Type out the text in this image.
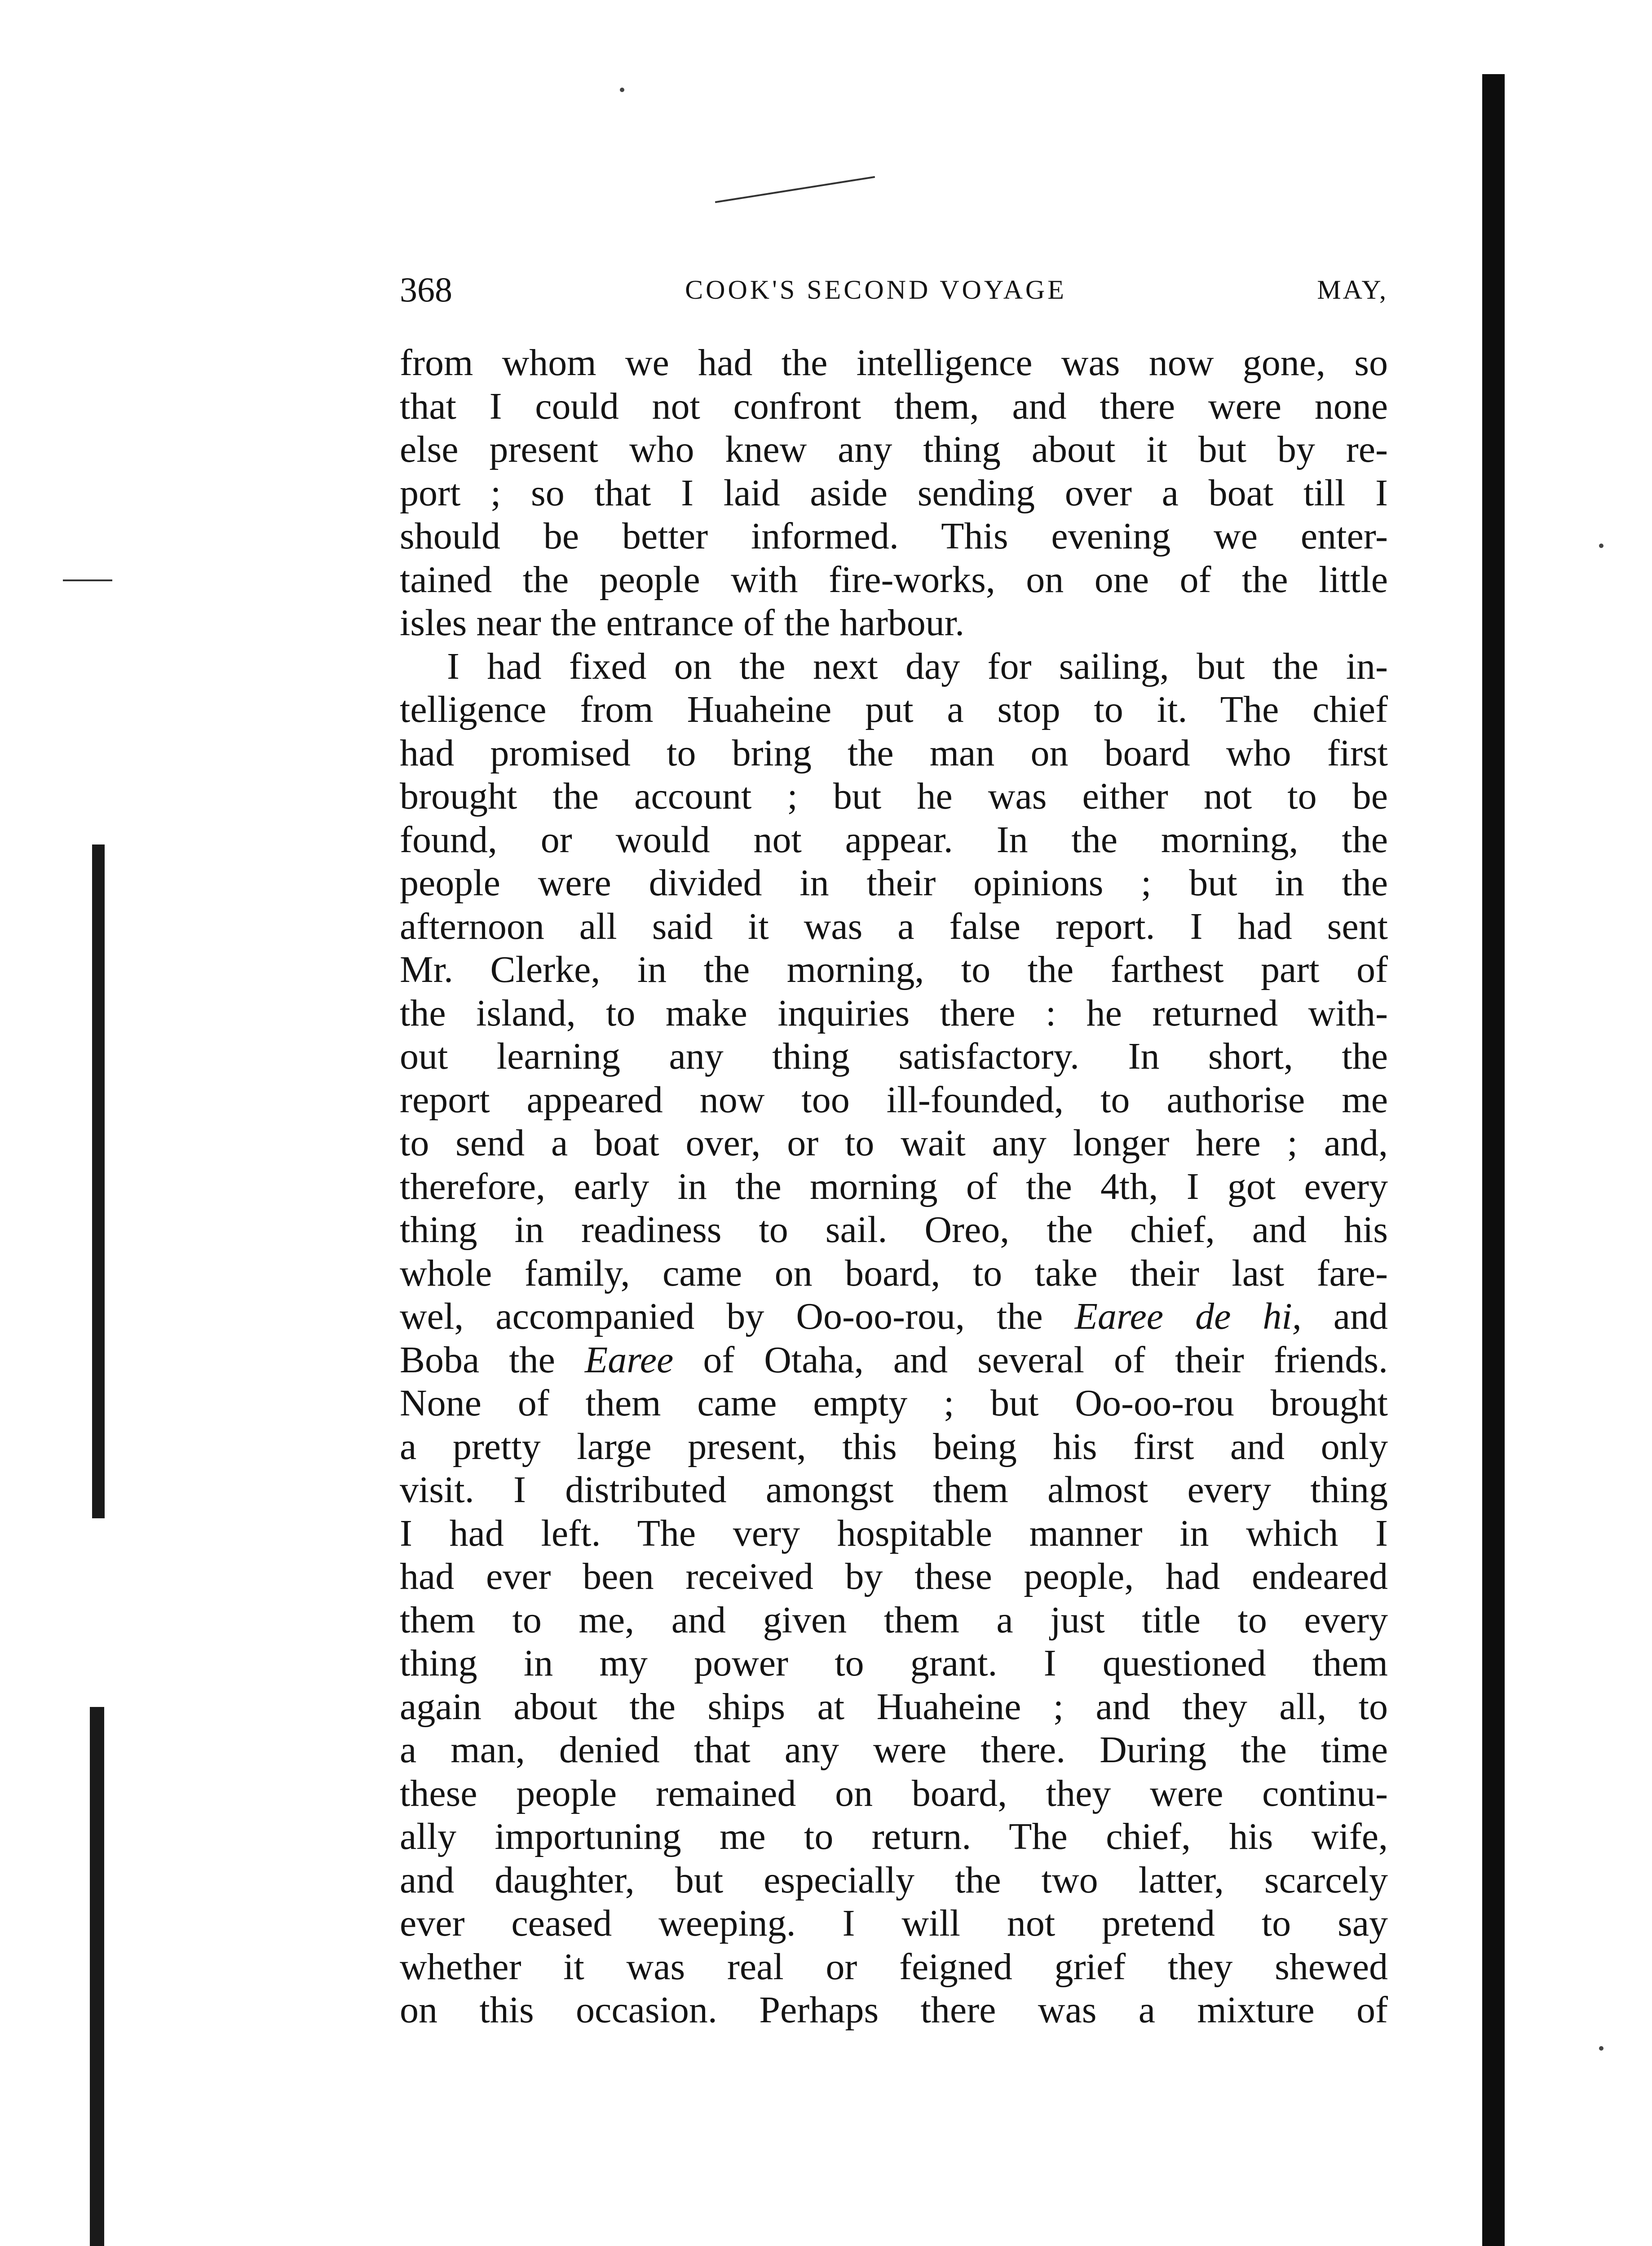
368	COOK'S SECOND VOYAGE	MAY,
from whom we had the intelligence was now gone, so
that I could not confront them, and there were none
else present who knew any thing about it but by re-
port ; so that I laid aside sending over a boat till I
should be better informed. This evening we enter-
tained the people with fire-works, on one of the little
isles near the entrance of the harbour.
I had fixed on the next day for sailing, but the in-
telligence from Huaheine put a stop to it. The chief
had promised to bring the man on board who first
brought the account ; but he was either not to be
found, or would not appear. In the morning, the
people were divided in their opinions ; but in the
afternoon all said it was a false report. I had sent
Mr. Clerke, in the morning, to the farthest part of
the island, to make inquiries there : he returned with-
out learning any thing satisfactory. In short, the
report appeared now too ill-founded, to authorise me
to send a boat over, or to wait any longer here ; and,
therefore, early in the morning of the 4th, I got every
thing in readiness to sail. Oreo, the chief, and his
whole family, came on board, to take their last fare-
wel, accompanied by Oo-oo-rou, the Earee de hi, and
Boba the Earee of Otaha, and several of their friends.
None of them came empty ; but Oo-oo-rou brought
a pretty large present, this being his first and only
visit. I distributed amongst them almost every thing
I had left. The very hospitable manner in which I
had ever been received by these people, had endeared
them to me, and given them a just title to every
thing in my power to grant. I questioned them
again about the ships at Huaheine ; and they all, to
a man, denied that any were there. During the time
these people remained on board, they were continu-
ally importuning me to return. The chief, his wife,
and daughter, but especially the two latter, scarcely
ever ceased weeping. I will not pretend to say
whether it was real or feigned grief they shewed
on this occasion. Perhaps there was a mixture of
